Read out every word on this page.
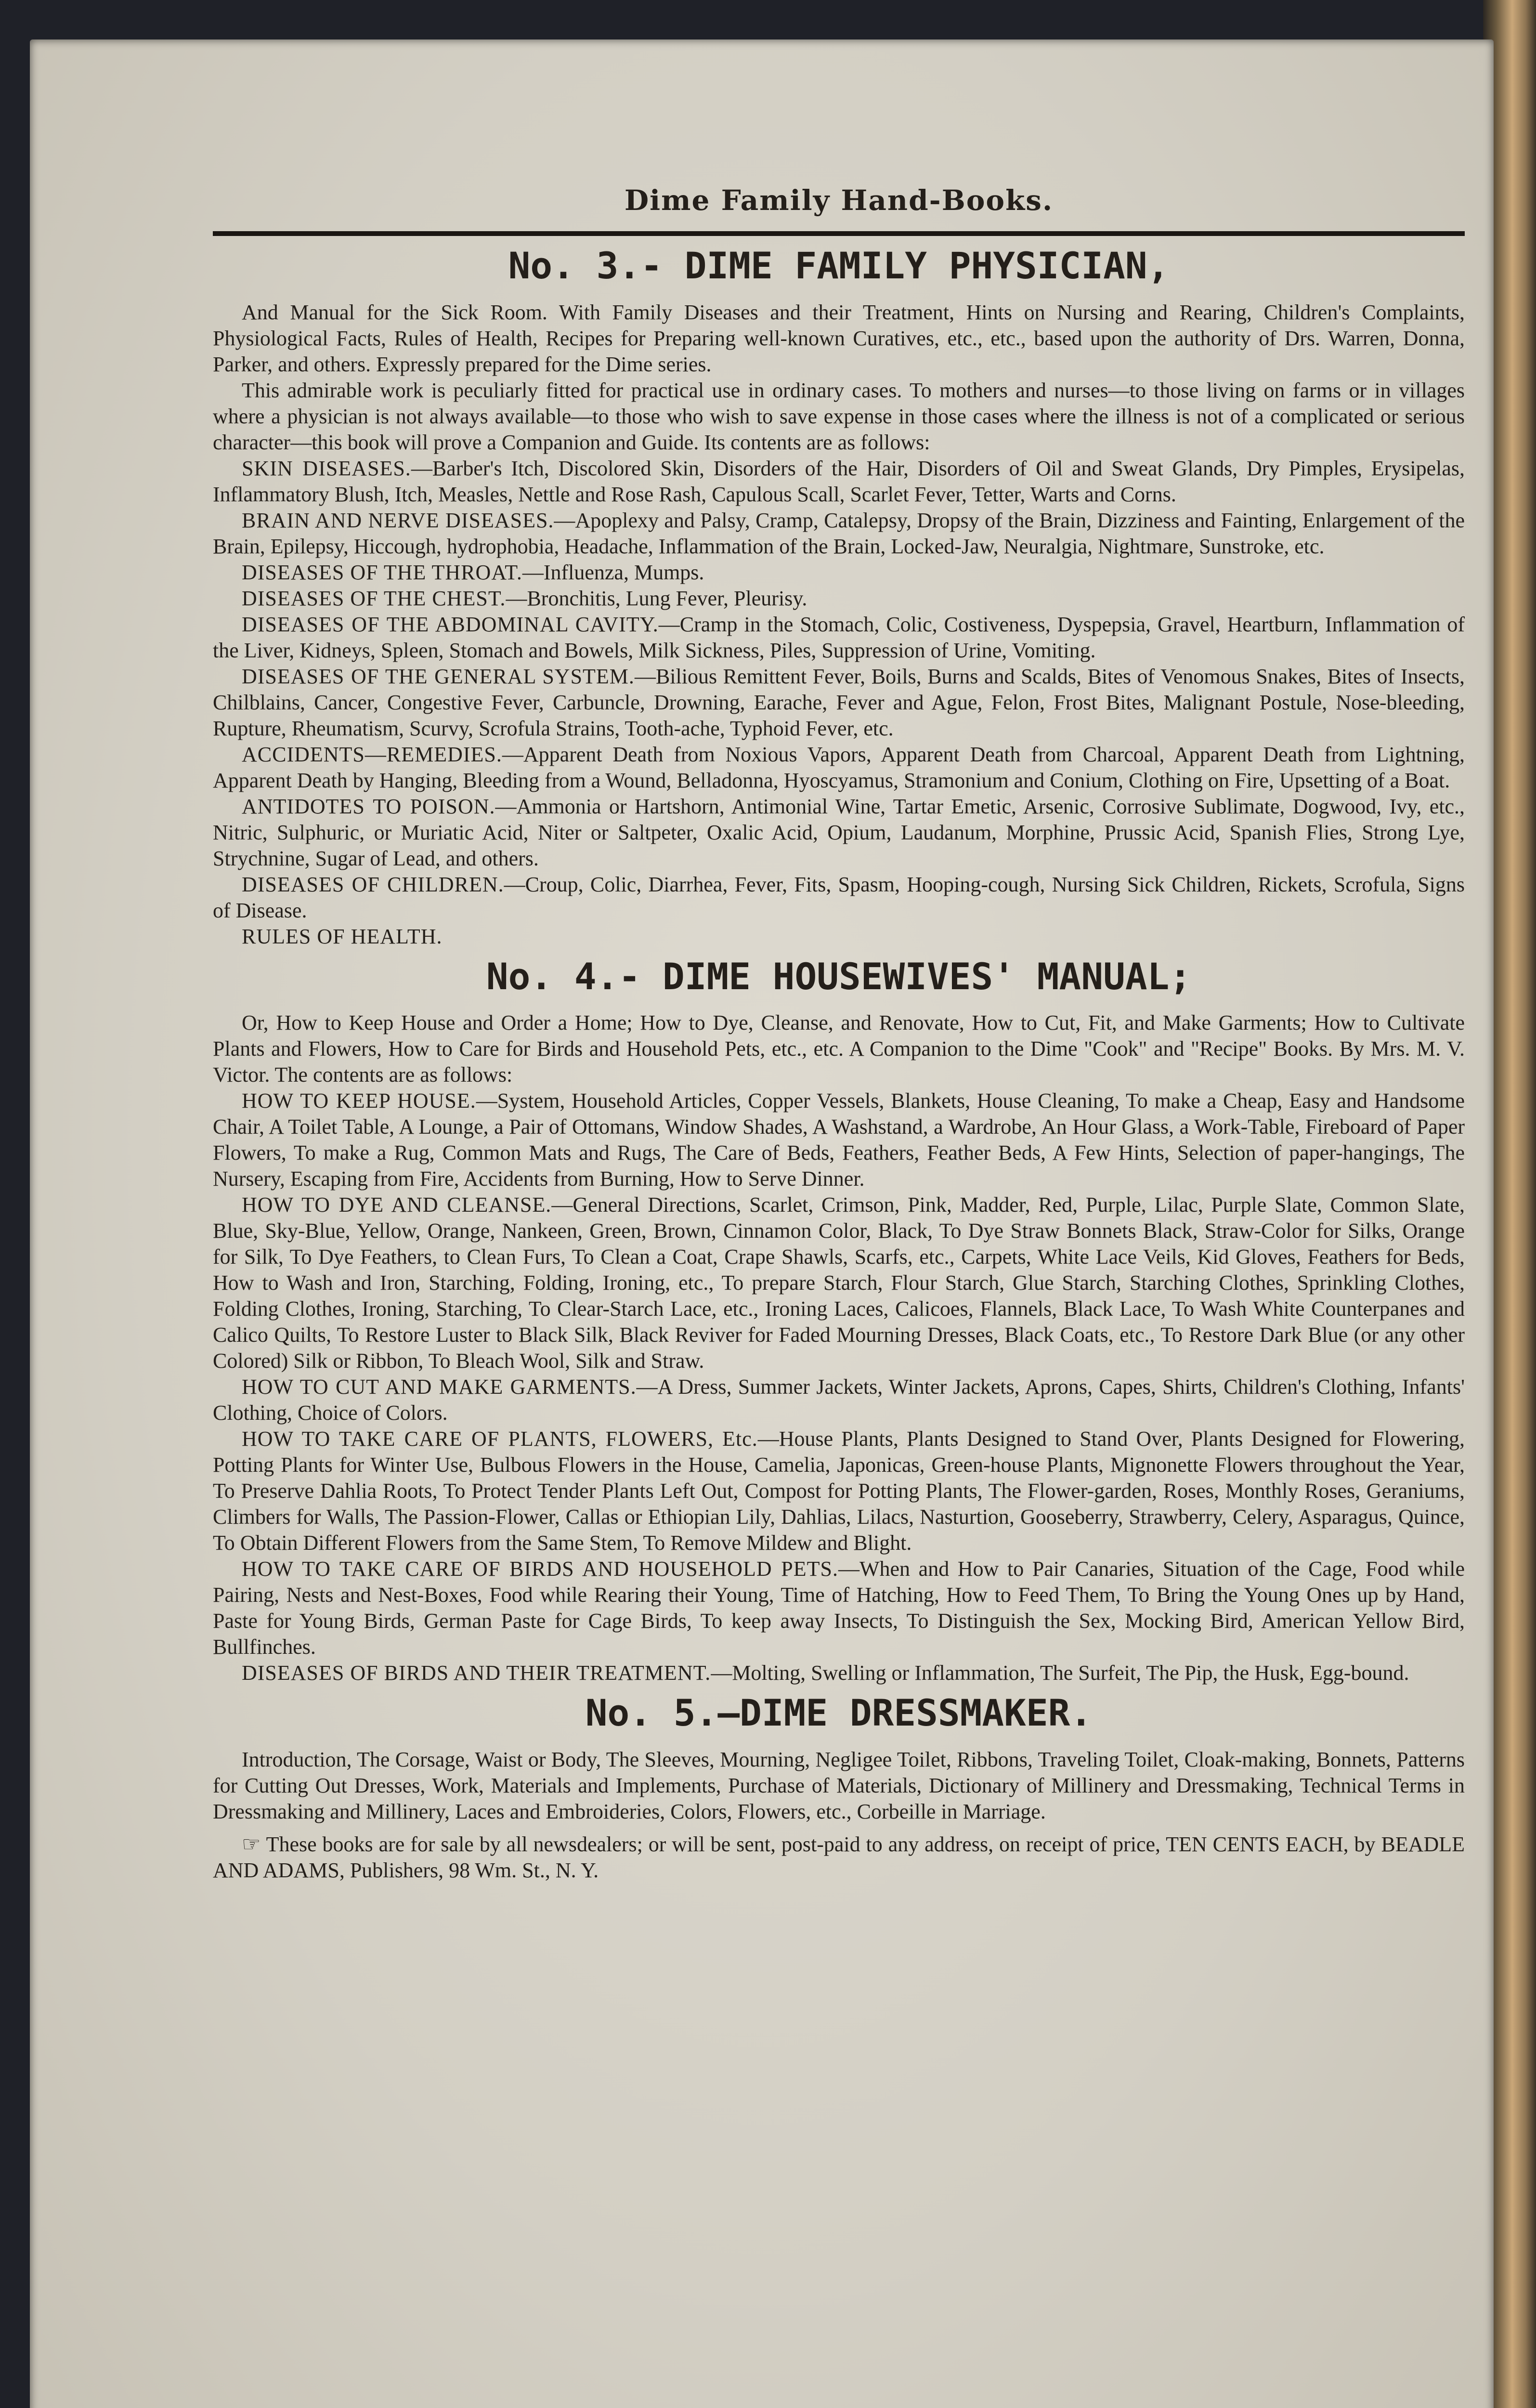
Dime Family Hand-Books.
No. 3.- DIME FAMILY PHYSICIAN,

And Manual for the Sick Room. With Family Diseases and their Treatment, Hints on Nursing and Rearing, Children's Complaints, Physiological Facts, Rules of Health, Recipes for Preparing well-known Curatives, etc., etc., based upon the authority of Drs. Warren, Donna, Parker, and others. Expressly prepared for the Dime series.

This admirable work is peculiarly fitted for practical use in ordinary cases. To mothers and nurses—to those living on farms or in villages where a physician is not always available—to those who wish to save expense in those cases where the illness is not of a complicated or serious character—this book will prove a Companion and Guide. Its contents are as follows:

SKIN DISEASES.—Barber's Itch, Discolored Skin, Disorders of the Hair, Disorders of Oil and Sweat Glands, Dry Pimples, Erysipelas, Inflammatory Blush, Itch, Measles, Nettle and Rose Rash, Capulous Scall, Scarlet Fever, Tetter, Warts and Corns.

BRAIN AND NERVE DISEASES.—Apoplexy and Palsy, Cramp, Catalepsy, Dropsy of the Brain, Dizziness and Fainting, Enlargement of the Brain, Epilepsy, Hiccough, hydrophobia, Headache, Inflammation of the Brain, Locked-Jaw, Neuralgia, Nightmare, Sunstroke, etc.

DISEASES OF THE THROAT.—Influenza, Mumps.

DISEASES OF THE CHEST.—Bronchitis, Lung Fever, Pleurisy.

DISEASES OF THE ABDOMINAL CAVITY.—Cramp in the Stomach, Colic, Costiveness, Dyspepsia, Gravel, Heartburn, Inflammation of the Liver, Kidneys, Spleen, Stomach and Bowels, Milk Sickness, Piles, Suppression of Urine, Vomiting.

DISEASES OF THE GENERAL SYSTEM.—Bilious Remittent Fever, Boils, Burns and Scalds, Bites of Venomous Snakes, Bites of Insects, Chilblains, Cancer, Congestive Fever, Carbuncle, Drowning, Earache, Fever and Ague, Felon, Frost Bites, Malignant Postule, Nose-bleeding, Rupture, Rheumatism, Scurvy, Scrofula Strains, Tooth-ache, Typhoid Fever, etc.

ACCIDENTS—REMEDIES.—Apparent Death from Noxious Vapors, Apparent Death from Charcoal, Apparent Death from Lightning, Apparent Death by Hanging, Bleeding from a Wound, Belladonna, Hyoscyamus, Stramonium and Conium, Clothing on Fire, Upsetting of a Boat.

ANTIDOTES TO POISON.—Ammonia or Hartshorn, Antimonial Wine, Tartar Emetic, Arsenic, Corrosive Sublimate, Dogwood, Ivy, etc., Nitric, Sulphuric, or Muriatic Acid, Niter or Saltpeter, Oxalic Acid, Opium, Laudanum, Morphine, Prussic Acid, Spanish Flies, Strong Lye, Strychnine, Sugar of Lead, and others.

DISEASES OF CHILDREN.—Croup, Colic, Diarrhea, Fever, Fits, Spasm, Hooping-cough, Nursing Sick Children, Rickets, Scrofula, Signs of Disease.

RULES OF HEALTH.

No. 4.- DIME HOUSEWIVES' MANUAL;

Or, How to Keep House and Order a Home; How to Dye, Cleanse, and Renovate, How to Cut, Fit, and Make Garments; How to Cultivate Plants and Flowers, How to Care for Birds and Household Pets, etc., etc. A Companion to the Dime "Cook" and "Recipe" Books. By Mrs. M. V. Victor. The contents are as follows:

HOW TO KEEP HOUSE.—System, Household Articles, Copper Vessels, Blankets, House Cleaning, To make a Cheap, Easy and Handsome Chair, A Toilet Table, A Lounge, a Pair of Ottomans, Window Shades, A Washstand, a Wardrobe, An Hour Glass, a Work-Table, Fireboard of Paper Flowers, To make a Rug, Common Mats and Rugs, The Care of Beds, Feathers, Feather Beds, A Few Hints, Selection of paper-hangings, The Nursery, Escaping from Fire, Accidents from Burning, How to Serve Dinner.

HOW TO DYE AND CLEANSE.—General Directions, Scarlet, Crimson, Pink, Madder, Red, Purple, Lilac, Purple Slate, Common Slate, Blue, Sky-Blue, Yellow, Orange, Nankeen, Green, Brown, Cinnamon Color, Black, To Dye Straw Bonnets Black, Straw-Color for Silks, Orange for Silk, To Dye Feathers, to Clean Furs, To Clean a Coat, Crape Shawls, Scarfs, etc., Carpets, White Lace Veils, Kid Gloves, Feathers for Beds, How to Wash and Iron, Starching, Folding, Ironing, etc., To prepare Starch, Flour Starch, Glue Starch, Starching Clothes, Sprinkling Clothes, Folding Clothes, Ironing, Starching, To Clear-Starch Lace, etc., Ironing Laces, Calicoes, Flannels, Black Lace, To Wash White Counterpanes and Calico Quilts, To Restore Luster to Black Silk, Black Reviver for Faded Mourning Dresses, Black Coats, etc., To Restore Dark Blue (or any other Colored) Silk or Ribbon, To Bleach Wool, Silk and Straw.

HOW TO CUT AND MAKE GARMENTS.—A Dress, Summer Jackets, Winter Jackets, Aprons, Capes, Shirts, Children's Clothing, Infants' Clothing, Choice of Colors.

HOW TO TAKE CARE OF PLANTS, FLOWERS, Etc.—House Plants, Plants Designed to Stand Over, Plants Designed for Flowering, Potting Plants for Winter Use, Bulbous Flowers in the House, Camelia, Japonicas, Green-house Plants, Mignonette Flowers throughout the Year, To Preserve Dahlia Roots, To Protect Tender Plants Left Out, Compost for Potting Plants, The Flower-garden, Roses, Monthly Roses, Geraniums, Climbers for Walls, The Passion-Flower, Callas or Ethiopian Lily, Dahlias, Lilacs, Nasturtion, Gooseberry, Strawberry, Celery, Asparagus, Quince, To Obtain Different Flowers from the Same Stem, To Remove Mildew and Blight.

HOW TO TAKE CARE OF BIRDS AND HOUSEHOLD PETS.—When and How to Pair Canaries, Situation of the Cage, Food while Pairing, Nests and Nest-Boxes, Food while Rearing their Young, Time of Hatching, How to Feed Them, To Bring the Young Ones up by Hand, Paste for Young Birds, German Paste for Cage Birds, To keep away Insects, To Distinguish the Sex, Mocking Bird, American Yellow Bird, Bullfinches.

DISEASES OF BIRDS AND THEIR TREATMENT.—Molting, Swelling or Inflammation, The Surfeit, The Pip, the Husk, Egg-bound.

No. 5.—DIME DRESSMAKER.

Introduction, The Corsage, Waist or Body, The Sleeves, Mourning, Negligee Toilet, Ribbons, Traveling Toilet, Cloak-making, Bonnets, Patterns for Cutting Out Dresses, Work, Materials and Implements, Purchase of Materials, Dictionary of Millinery and Dressmaking, Technical Terms in Dressmaking and Millinery, Laces and Embroideries, Colors, Flowers, etc., Corbeille in Marriage.

☞ These books are for sale by all newsdealers; or will be sent, post-paid to any address, on receipt of price, TEN CENTS EACH, by BEADLE AND ADAMS, Publishers, 98 Wm. St., N. Y.
